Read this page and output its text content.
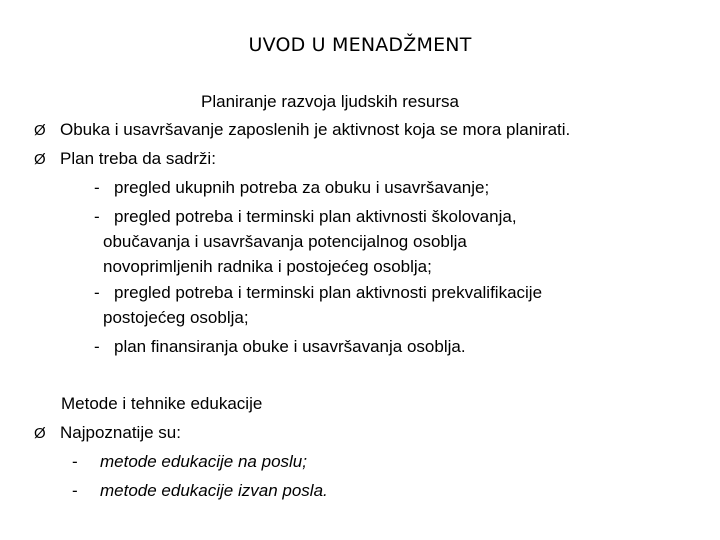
UVOD U MENADŽMENT
Planiranje razvoja ljudskih resursa
Ø Obuka i usavršavanje zaposlenih je aktivnost koja se mora planirati.
Ø Plan treba da sadrži:
- pregled ukupnih potreba za obuku i usavršavanje;
- pregled potreba i terminski plan aktivnosti školovanja,
obučavanja i usavršavanja potencijalnog osoblja
novoprimljenih radnika i postojećeg osoblja;
- pregled potreba i terminski plan aktivnosti prekvalifikacije
postojećeg osoblja;
- plan finansiranja obuke i usavršavanja osoblja.
Metode i tehnike edukacije
Ø Najpoznatije su:
- metode edukacije na poslu;
- metode edukacije izvan posla.
